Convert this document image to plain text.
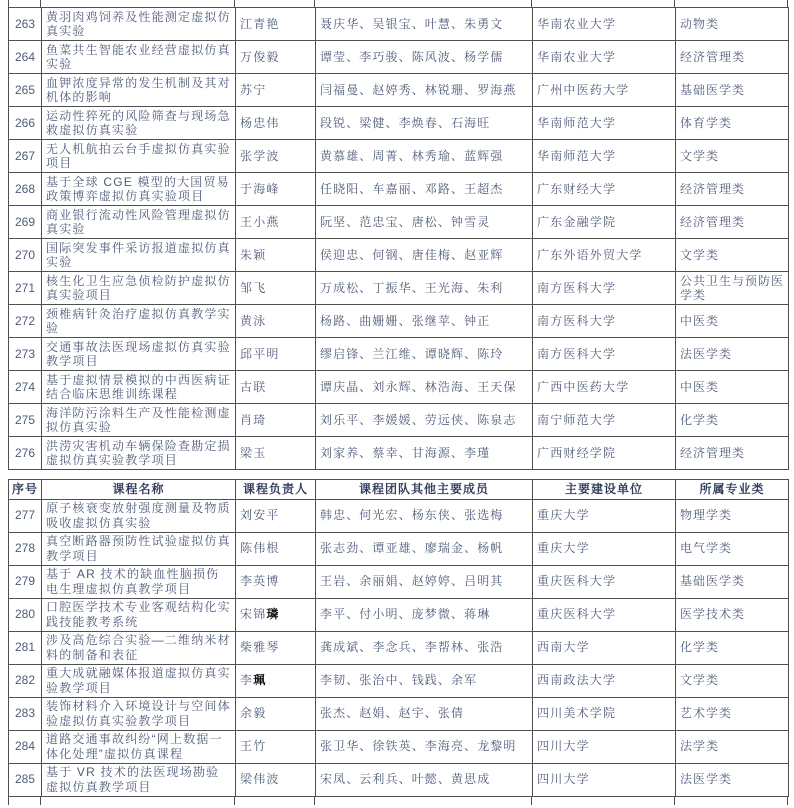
263	黄羽肉鸡饲养及性能测定虚拟仿真实验	江青艳	聂庆华、吴银宝、叶慧、朱勇文	华南农业大学	动物类
264	鱼菜共生智能农业经营虚拟仿真实验	万俊毅	谭莹、李巧骏、陈风波、杨学儒	华南农业大学	经济管理类
265	血钾浓度异常的发生机制及其对机体的影响	苏宁	闫福曼、赵婷秀、林锐珊、罗海燕	广州中医药大学	基础医学类
266	运动性猝死的风险筛查与现场急救虚拟仿真实验	杨忠伟	段锐、梁健、李焕春、石海旺	华南师范大学	体育学类
267	无人机航拍云台手虚拟仿真实验项目	张学波	黄慕雄、周菁、林秀瑜、蓝辉强	华南师范大学	文学类
268	基于全球 CGE 模型的大国贸易政策博弈虚拟仿真实验项目	于海峰	任晓阳、车嘉丽、邓路、王超杰	广东财经大学	经济管理类
269	商业银行流动性风险管理虚拟仿真实验	王小燕	阮坚、范忠宝、唐松、钟雪灵	广东金融学院	经济管理类
270	国际突发事件采访报道虚拟仿真实验	朱颖	侯迎忠、何钢、唐佳梅、赵亚辉	广东外语外贸大学	文学类
271	核生化卫生应急侦检防护虚拟仿真实验项目	邹飞	万成松、丁振华、王光海、朱利	南方医科大学	公共卫生与预防医学类
272	颈椎病针灸治疗虚拟仿真教学实验	黄泳	杨路、曲姗姗、张继苹、钟正	南方医科大学	中医类
273	交通事故法医现场虚拟仿真实验教学项目	邱平明	缪启锋、兰江维、谭晓辉、陈玲	南方医科大学	法医学类
274	基于虚拟情景模拟的中西医病证结合临床思维训练课程	古联	谭庆晶、刘永辉、林浩海、王天保	广西中医药大学	中医类
275	海洋防污涂料生产及性能检测虚拟仿真实验	肖琦	刘乐平、李媛媛、劳远侠、陈泉志	南宁师范大学	化学类
276	洪涝灾害机动车辆保险查勘定损虚拟仿真实验教学项目	梁玉	刘家养、蔡幸、甘海源、李瑾	广西财经学院	经济管理类
序号	课程名称	课程负责人	课程团队其他主要成员	主要建设单位	所属专业类
277	原子核衰变放射强度测量及物质吸收虚拟仿真实验	刘安平	韩忠、何光宏、杨东侠、张选梅	重庆大学	物理学类
278	真空断路器预防性试验虚拟仿真教学项目	陈伟根	张志劲、谭亚雄、廖瑞金、杨帆	重庆大学	电气学类
279	基于 AR 技术的缺血性脑损伤电生理虚拟仿真教学项目	李英博	王岩、余丽娟、赵婷婷、吕明其	重庆医科大学	基础医学类
280	口腔医学技术专业客观结构化实践技能教考系统	宋锦璘	李平、付小明、庞梦微、蒋琳	重庆医科大学	医学技术类
281	涉及高危综合实验—二维纳米材料的制备和表征	柴雅琴	龚成斌、李念兵、李帮林、张浩	西南大学	化学类
282	重大成就融媒体报道虚拟仿真实验教学项目	李珮	李韧、张治中、钱践、余军	西南政法大学	文学类
283	装饰材料介入环境设计与空间体验虚拟仿真实验教学项目	余毅	张杰、赵娟、赵宇、张倩	四川美术学院	艺术学类
284	道路交通事故纠纷“网上数据一体化处理”虚拟仿真课程	王竹	张卫华、徐铁英、李海亮、龙黎明	四川大学	法学类
285	基于 VR 技术的法医现场勘验虚拟仿真教学项目	梁伟波	宋凤、云利兵、叶懿、黄思成	四川大学	法医学类
